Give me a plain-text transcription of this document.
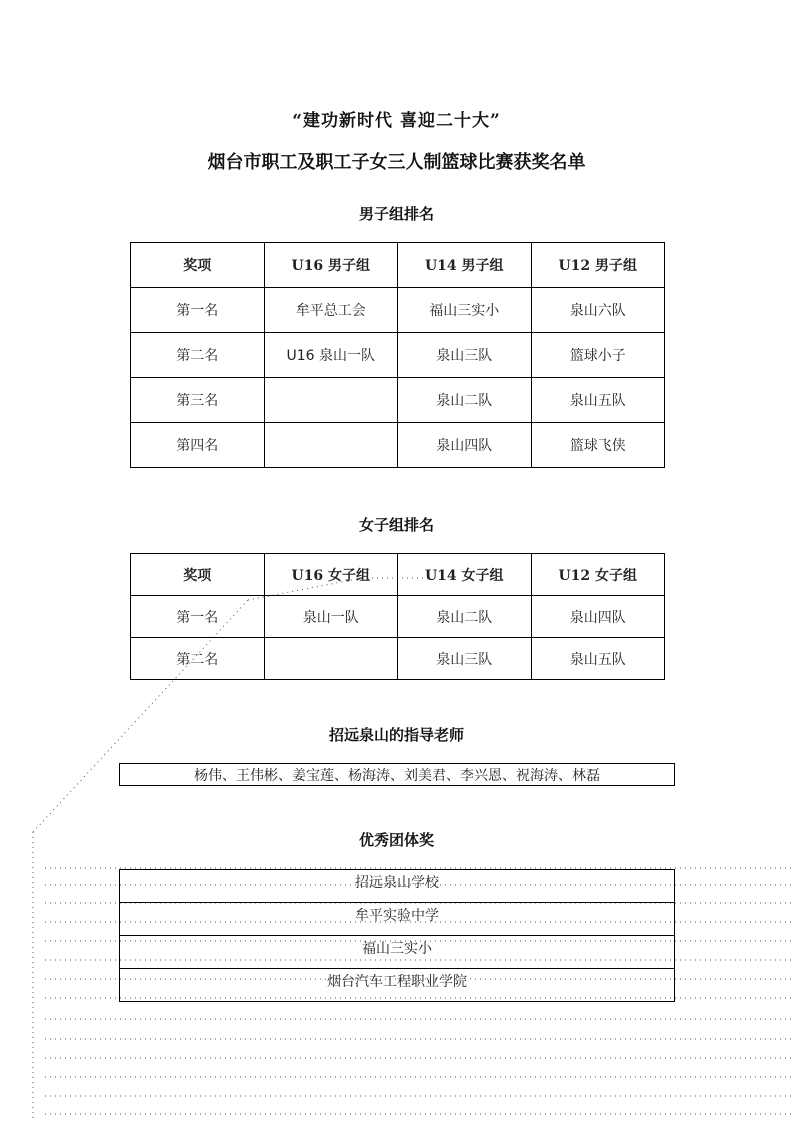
“建功新时代 喜迎二十大”
烟台市职工及职工子女三人制篮球比赛获奖名单
男子组排名
奖项	U16 男子组	U14 男子组	U12 男子组
第一名	牟平总工会	福山三实小	泉山六队
第二名	U16 泉山一队	泉山三队	篮球小子
第三名		泉山二队	泉山五队
第四名		泉山四队	篮球飞侠
女子组排名
奖项	U16 女子组	U14 女子组	U12 女子组
第一名	泉山一队	泉山二队	泉山四队
第二名		泉山三队	泉山五队
招远泉山的指导老师
杨伟、王伟彬、姜宝莲、杨海涛、刘美君、李兴恩、祝海涛、林磊
优秀团体奖
招远泉山学校
牟平实验中学
福山三实小
烟台汽车工程职业学院
